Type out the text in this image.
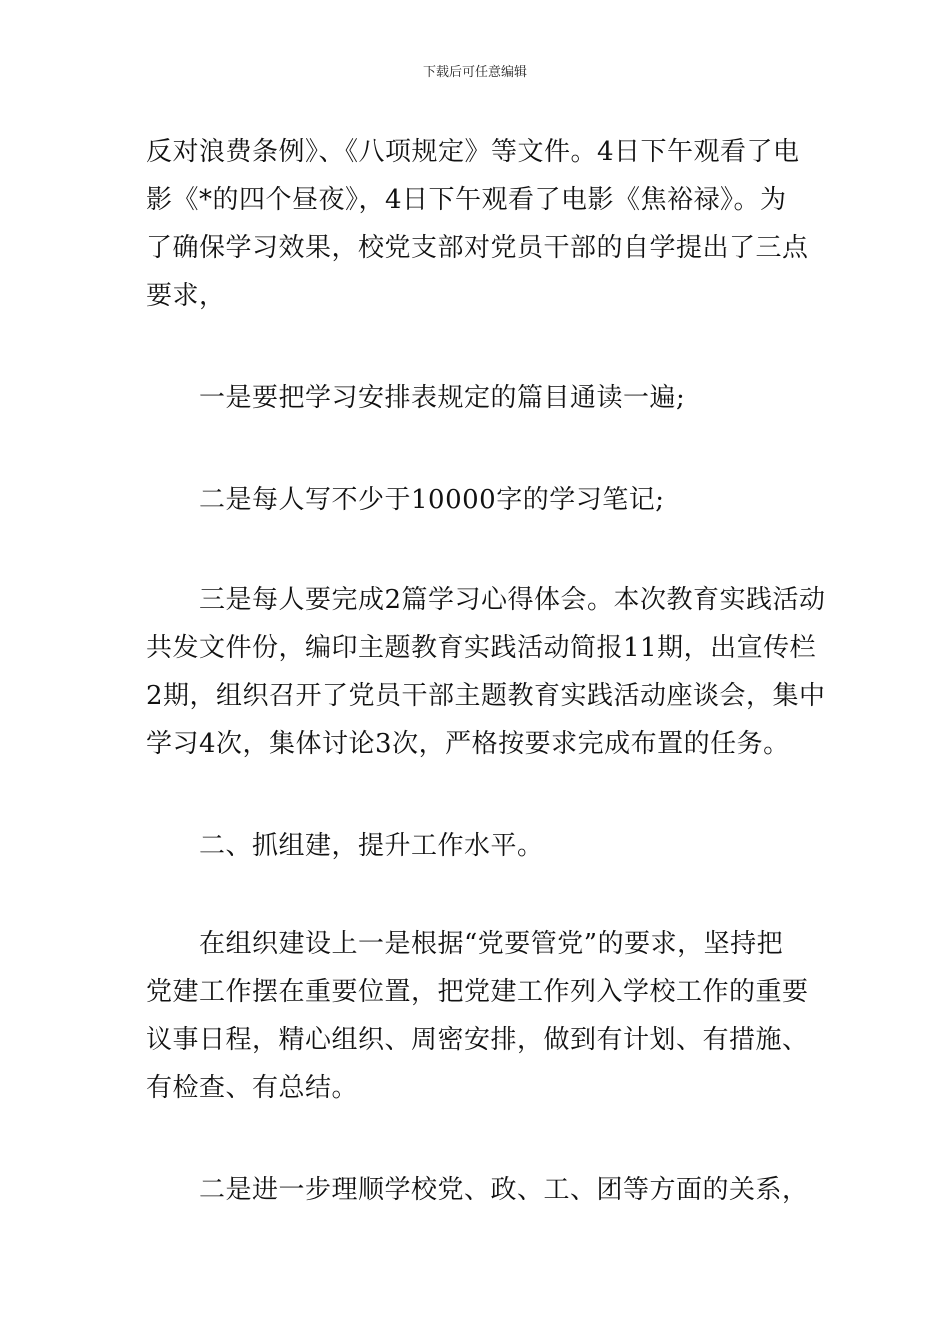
下载后可任意编辑

反对浪费条例》、《八项规定》等文件。4日下午观看了电
影《*的四个昼夜》，4日下午观看了电影《焦裕禄》。为
了确保学习效果，校党支部对党员干部的自学提出了三点
要求，

　　一是要把学习安排表规定的篇目通读一遍;

　　二是每人写不少于10000字的学习笔记;

　　三是每人要完成2篇学习心得体会。本次教育实践活动
共发文件份，编印主题教育实践活动简报11期，出宣传栏
2期，组织召开了党员干部主题教育实践活动座谈会，集中
学习4次，集体讨论3次，严格按要求完成布置的任务。

　　二、抓组建，提升工作水平。

　　在组织建设上一是根据“党要管党”的要求，坚持把
党建工作摆在重要位置，把党建工作列入学校工作的重要
议事日程，精心组织、周密安排，做到有计划、有措施、
有检查、有总结。

　　二是进一步理顺学校党、政、工、团等方面的关系，
